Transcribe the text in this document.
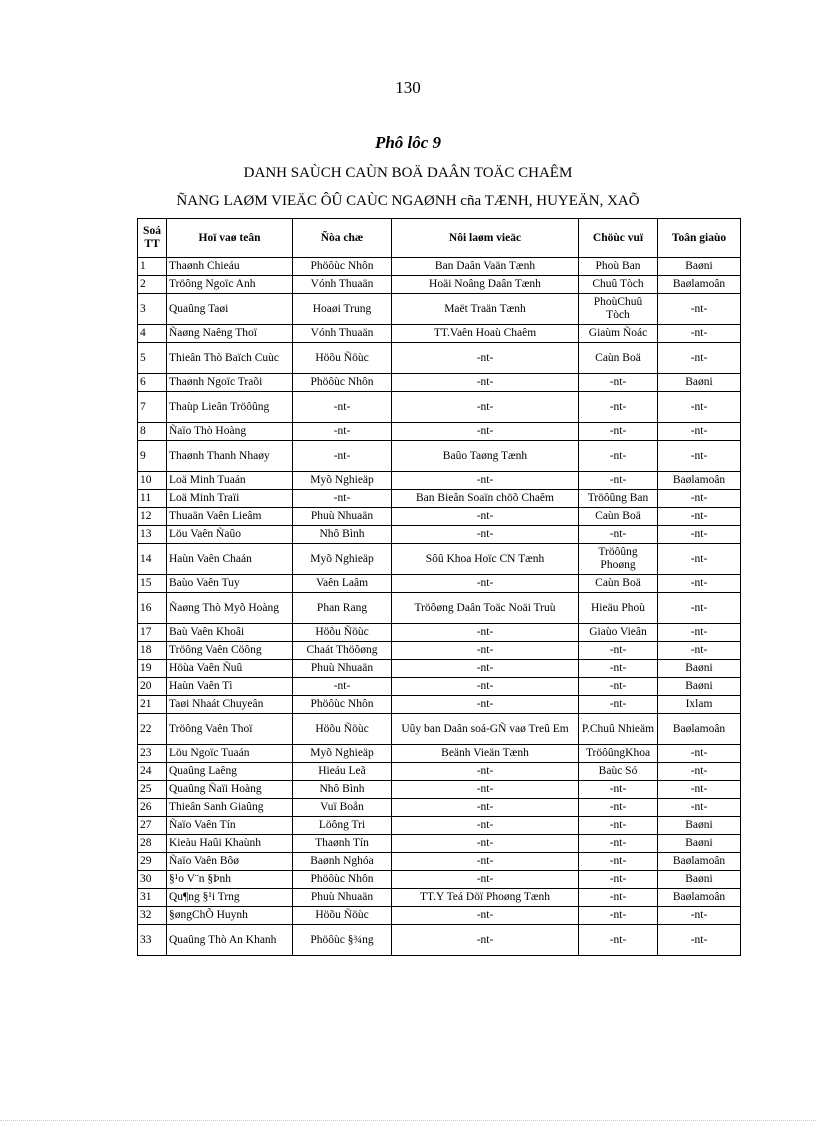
130
Phô lôc 9
DANH SAÙCH CAÙN BOÄ DAÂN TOÄC CHAÊM
ÑANG LAØM VIEÄC ÔÛ CAÙC NGAØNH cña TÆNH, HUYEÄN, XAÕ
Soá TT	Hoï vaø teân	Ñòa chæ	Nôi laøm vieäc	Chöùc vuï	Toân giaùo
1	Thaønh Chieáu	Phöôùc Nhôn	Ban Daân Vaän Tænh	Phoù Ban	Baøni
2	Tröông Ngoïc Anh	Vónh Thuaän	Hoäi Noâng Daân Tænh	Chuû Tòch	Baølamoân
3	Quaûng Taøi	Hoaøi Trung	Maët Traän Tænh	PhoùChuû Tòch	-nt-
4	Ñaøng Naêng Thoï	Vónh Thuaän	TT.Vaên Hoaù Chaêm	Giaùm Ñoác	-nt-
5	Thieân Thò Baïch Cuùc	Höõu Ñöùc	-nt-	Caùn Boä	-nt-
6	Thaønh Ngoïc Traõi	Phöôùc Nhôn	-nt-	-nt-	Baøni
7	Thaùp Lieân Tröôûng	-nt-	-nt-	-nt-	-nt-
8	Ñaïo Thò Hoàng	-nt-	-nt-	-nt-	-nt-
9	Thaønh Thanh Nhaøy	-nt-	Baûo Taøng Tænh	-nt-	-nt-
10	Loä Minh Tuaán	Myõ Nghieäp	-nt-	-nt-	Baølamoân
11	Loä Minh Traïi	-nt-	Ban Bieân Soaïn chöõ Chaêm	Tröôûng Ban	-nt-
12	Thuaän Vaên Lieâm	Phuù Nhuaän	-nt-	Caùn Boä	-nt-
13	Löu Vaên Ñaûo	Nhô Bình	-nt-	-nt-	-nt-
14	Haùn Vaên Chaán	Myõ Nghieäp	Sôû Khoa Hoïc CN Tænh	Tröôûng Phoøng	-nt-
15	Baùo Vaên Tuy	Vaên Laâm	-nt-	Caùn Boä	-nt-
16	Ñaøng Thò Myõ Hoàng	Phan Rang	Tröôøng Daân Toäc Noäi Truù	Hieäu Phoù	-nt-
17	Baù Vaên Khoâi	Höõu Ñöùc	-nt-	Giaùo Vieân	-nt-
18	Tröông Vaên Cöông	Chaát Thöôøng	-nt-	-nt-	-nt-
19	Höùa Vaên Ñuû	Phuù Nhuaän	-nt-	-nt-	Baøni
20	Haùn Vaên Tì	-nt-	-nt-	-nt-	Baøni
21	Taøi Nhaát Chuyeân	Phöôùc Nhôn	-nt-	-nt-	Ixlam
22	Tröông Vaên Thoï	Höõu Ñöùc	Uûy ban Daân soá-GÑ vaø Treû Em	P.Chuû Nhieäm	Baølamoân
23	Löu Ngoïc Tuaán	Myõ Nghieäp	Beänh Vieän Tænh	TröôûngKhoa	-nt-
24	Quaûng Laêng	Hieáu Leã	-nt-	Baùc Só	-nt-
25	Quaûng Ñaïi Hoàng	Nhô Bình	-nt-	-nt-	-nt-
26	Thieân Sanh Giaûng	Vuï Boån	-nt-	-nt-	-nt-
27	Ñaïo Vaên Tín	Löông Tri	-nt-	-nt-	Baøni
28	Kieàu Haûi Khaùnh	Thaønh Tín	-nt-	-nt-	Baøni
29	Ñaïo Vaên Bôø	Baønh Nghóa	-nt-	-nt-	Baølamoân
30	§¹o V¨n §Þnh	Phöôùc Nhôn	-nt-	-nt-	Baøni
31	Qu¶ng §¹i Trng	Phuù Nhuaän	TT.Y Teá Döï Phoøng Tænh	-nt-	Baølamoân
32	§øngChÕ Huynh	Höõu Ñöùc	-nt-	-nt-	-nt-
33	Quaûng Thò An Khanh	Phöôùc §¾ng	-nt-	-nt-	-nt-
